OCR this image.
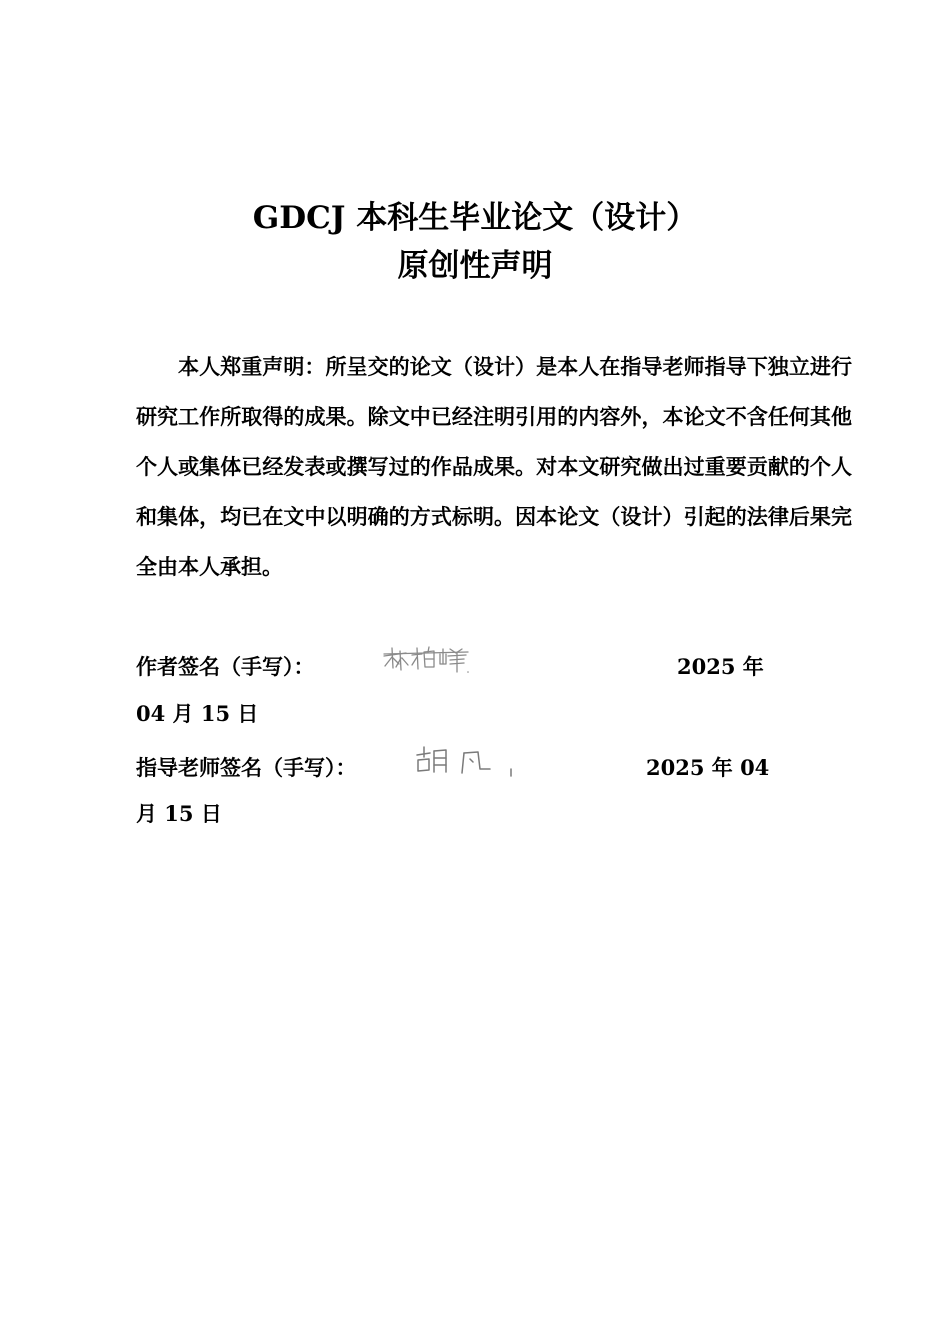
GDCJ 本科生毕业论文（设计）
原创性声明

本人郑重声明：所呈交的论文（设计）是本人在指导老师指导下独立进行研究工作所取得的成果。除文中已经注明引用的内容外，本论文不含任何其他个人或集体已经发表或撰写过的作品成果。对本文研究做出过重要贡献的个人和集体，均已在文中以明确的方式标明。因本论文（设计）引起的法律后果完全由本人承担。

作者签名（手写）：	2025 年
04 月 15 日
指导老师签名（手写）：	2025 年 04
月 15 日
